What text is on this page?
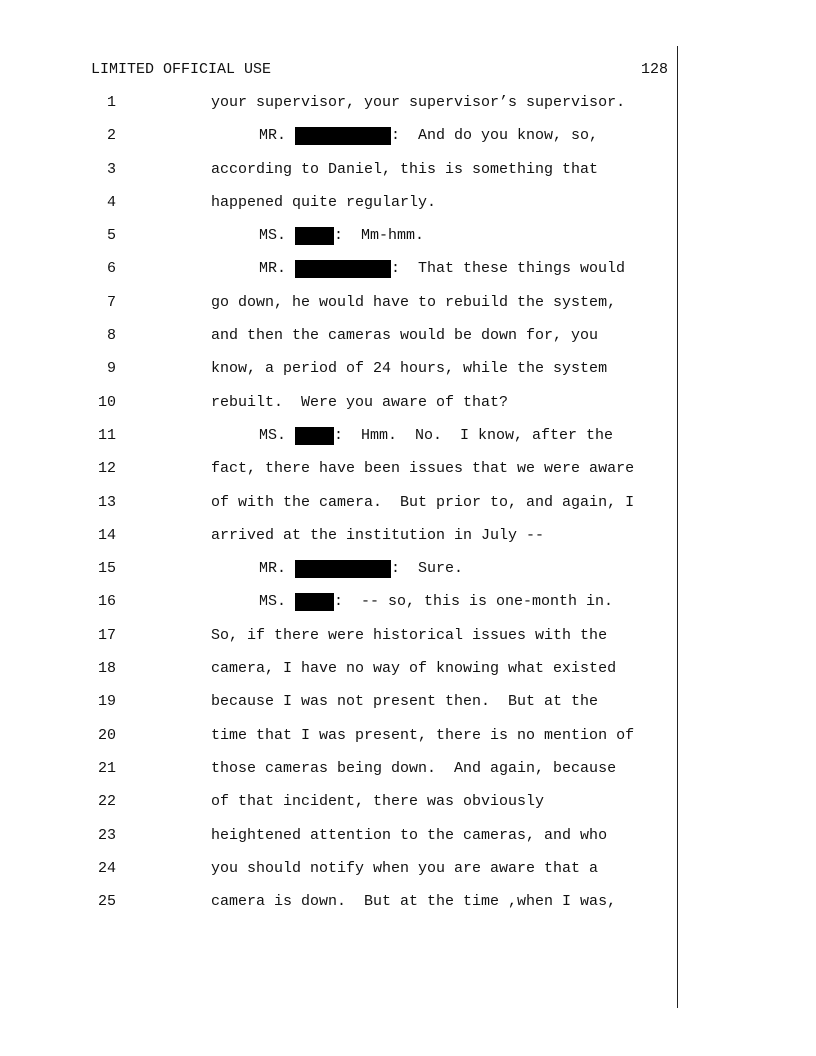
LIMITED OFFICIAL USE	128
1	your supervisor, your supervisor’s supervisor.
2	MR.	:  And do you know, so,
3	according to Daniel, this is something that
4	happened quite regularly.
5	MS.	:  Mm-hmm.
6	MR.	:  That these things would
7	go down, he would have to rebuild the system,
8	and then the cameras would be down for, you
9	know, a period of 24 hours, while the system
10	rebuilt.  Were you aware of that?
11	MS.	:  Hmm.  No.  I know, after the
12	fact, there have been issues that we were aware
13	of with the camera.  But prior to, and again, I
14	arrived at the institution in July --
15	MR.	:  Sure.
16	MS.	:  -- so, this is one-month in.
17	So, if there were historical issues with the
18	camera, I have no way of knowing what existed
19	because I was not present then.  But at the
20	time that I was present, there is no mention of
21	those cameras being down.  And again, because
22	of that incident, there was obviously
23	heightened attention to the cameras, and who
24	you should notify when you are aware that a
25	camera is down.  But at the time ,when I was,
